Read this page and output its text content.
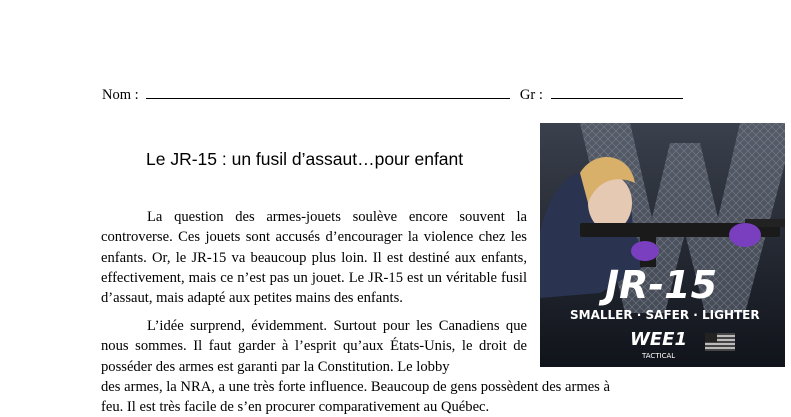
Nom :	Gr :
Le JR-15 : un fusil d’assaut…pour enfant

La question des armes-jouets soulève encore souvent la controverse. Ces jouets sont accusés d’encourager la violence chez les enfants. Or, le JR-15 va beaucoup plus loin. Il est destiné aux enfants, effectivement, mais ce n’est pas un jouet. Le JR-15 est un véritable fusil d’assaut, mais adapté aux petites mains des enfants.

L’idée surprend, évidemment. Surtout pour les Canadiens que nous sommes. Il faut garder à l’esprit qu’aux États-Unis, le droit de posséder des armes est garanti par la Constitution. Le lobby

des armes, la NRA, a une très forte influence. Beaucoup de gens possèdent des armes à

feu. Il est très facile de s’en procurer comparativement au Québec.

JR-15
SMALLER · SAFER · LIGHTER
WEE1
TACTICAL
